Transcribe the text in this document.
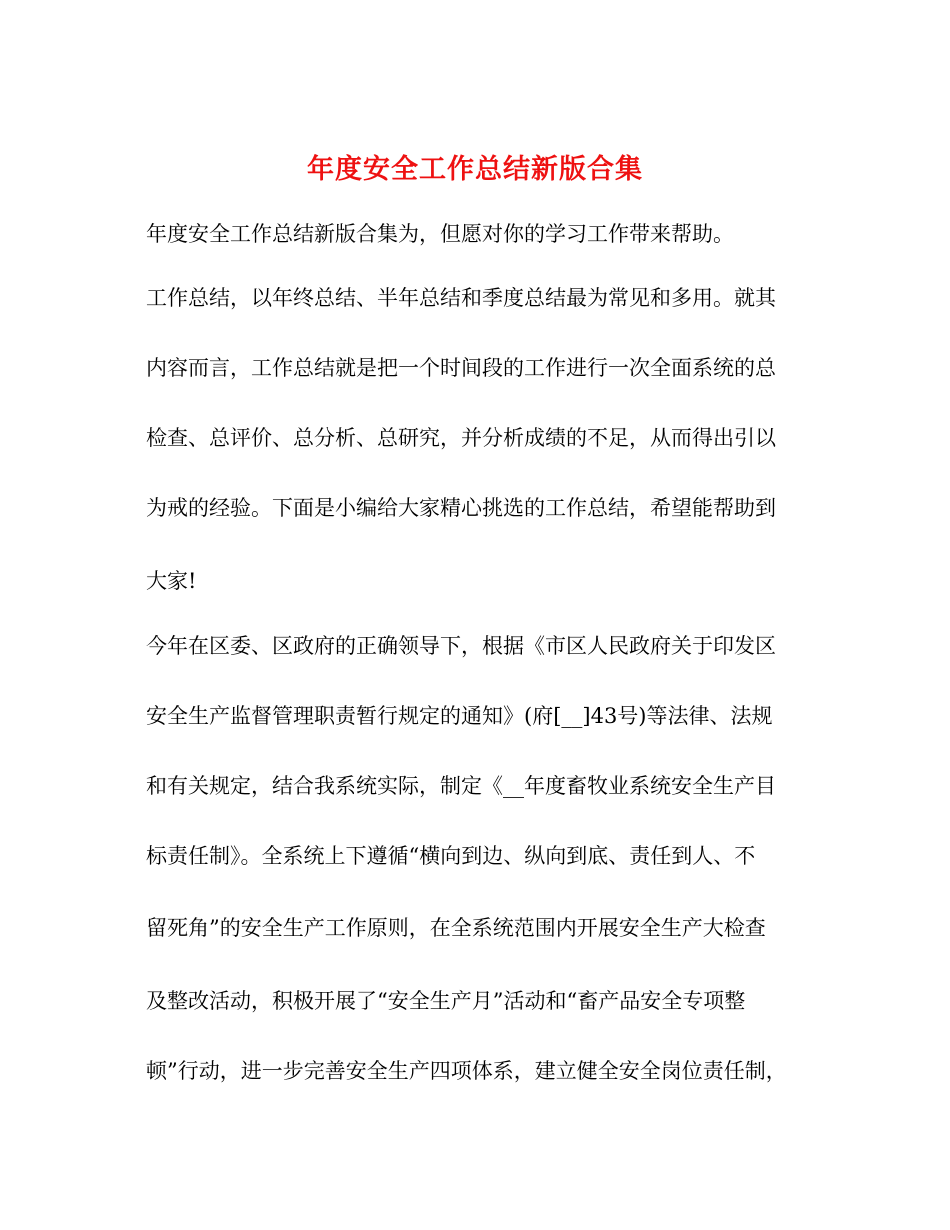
年度安全工作总结新版合集

年度安全工作总结新版合集为，但愿对你的学习工作带来帮助。

工作总结，以年终总结、半年总结和季度总结最为常见和多用。就其

内容而言，工作总结就是把一个时间段的工作进行一次全面系统的总

检查、总评价、总分析、总研究，并分析成绩的不足，从而得出引以

为戒的经验。下面是小编给大家精心挑选的工作总结，希望能帮助到

大家!

今年在区委、区政府的正确领导下，根据《市区人民政府关于印发区

安全生产监督管理职责暂行规定的通知》(府[__]43号)等法律、法规

和有关规定，结合我系统实际，制定《__年度畜牧业系统安全生产目

标责任制》。全系统上下遵循“横向到边、纵向到底、责任到人、不

留死角”的安全生产工作原则，在全系统范围内开展安全生产大检查

及整改活动，积极开展了“安全生产月”活动和“畜产品安全专项整

顿”行动，进一步完善安全生产四项体系，建立健全安全岗位责任制，
